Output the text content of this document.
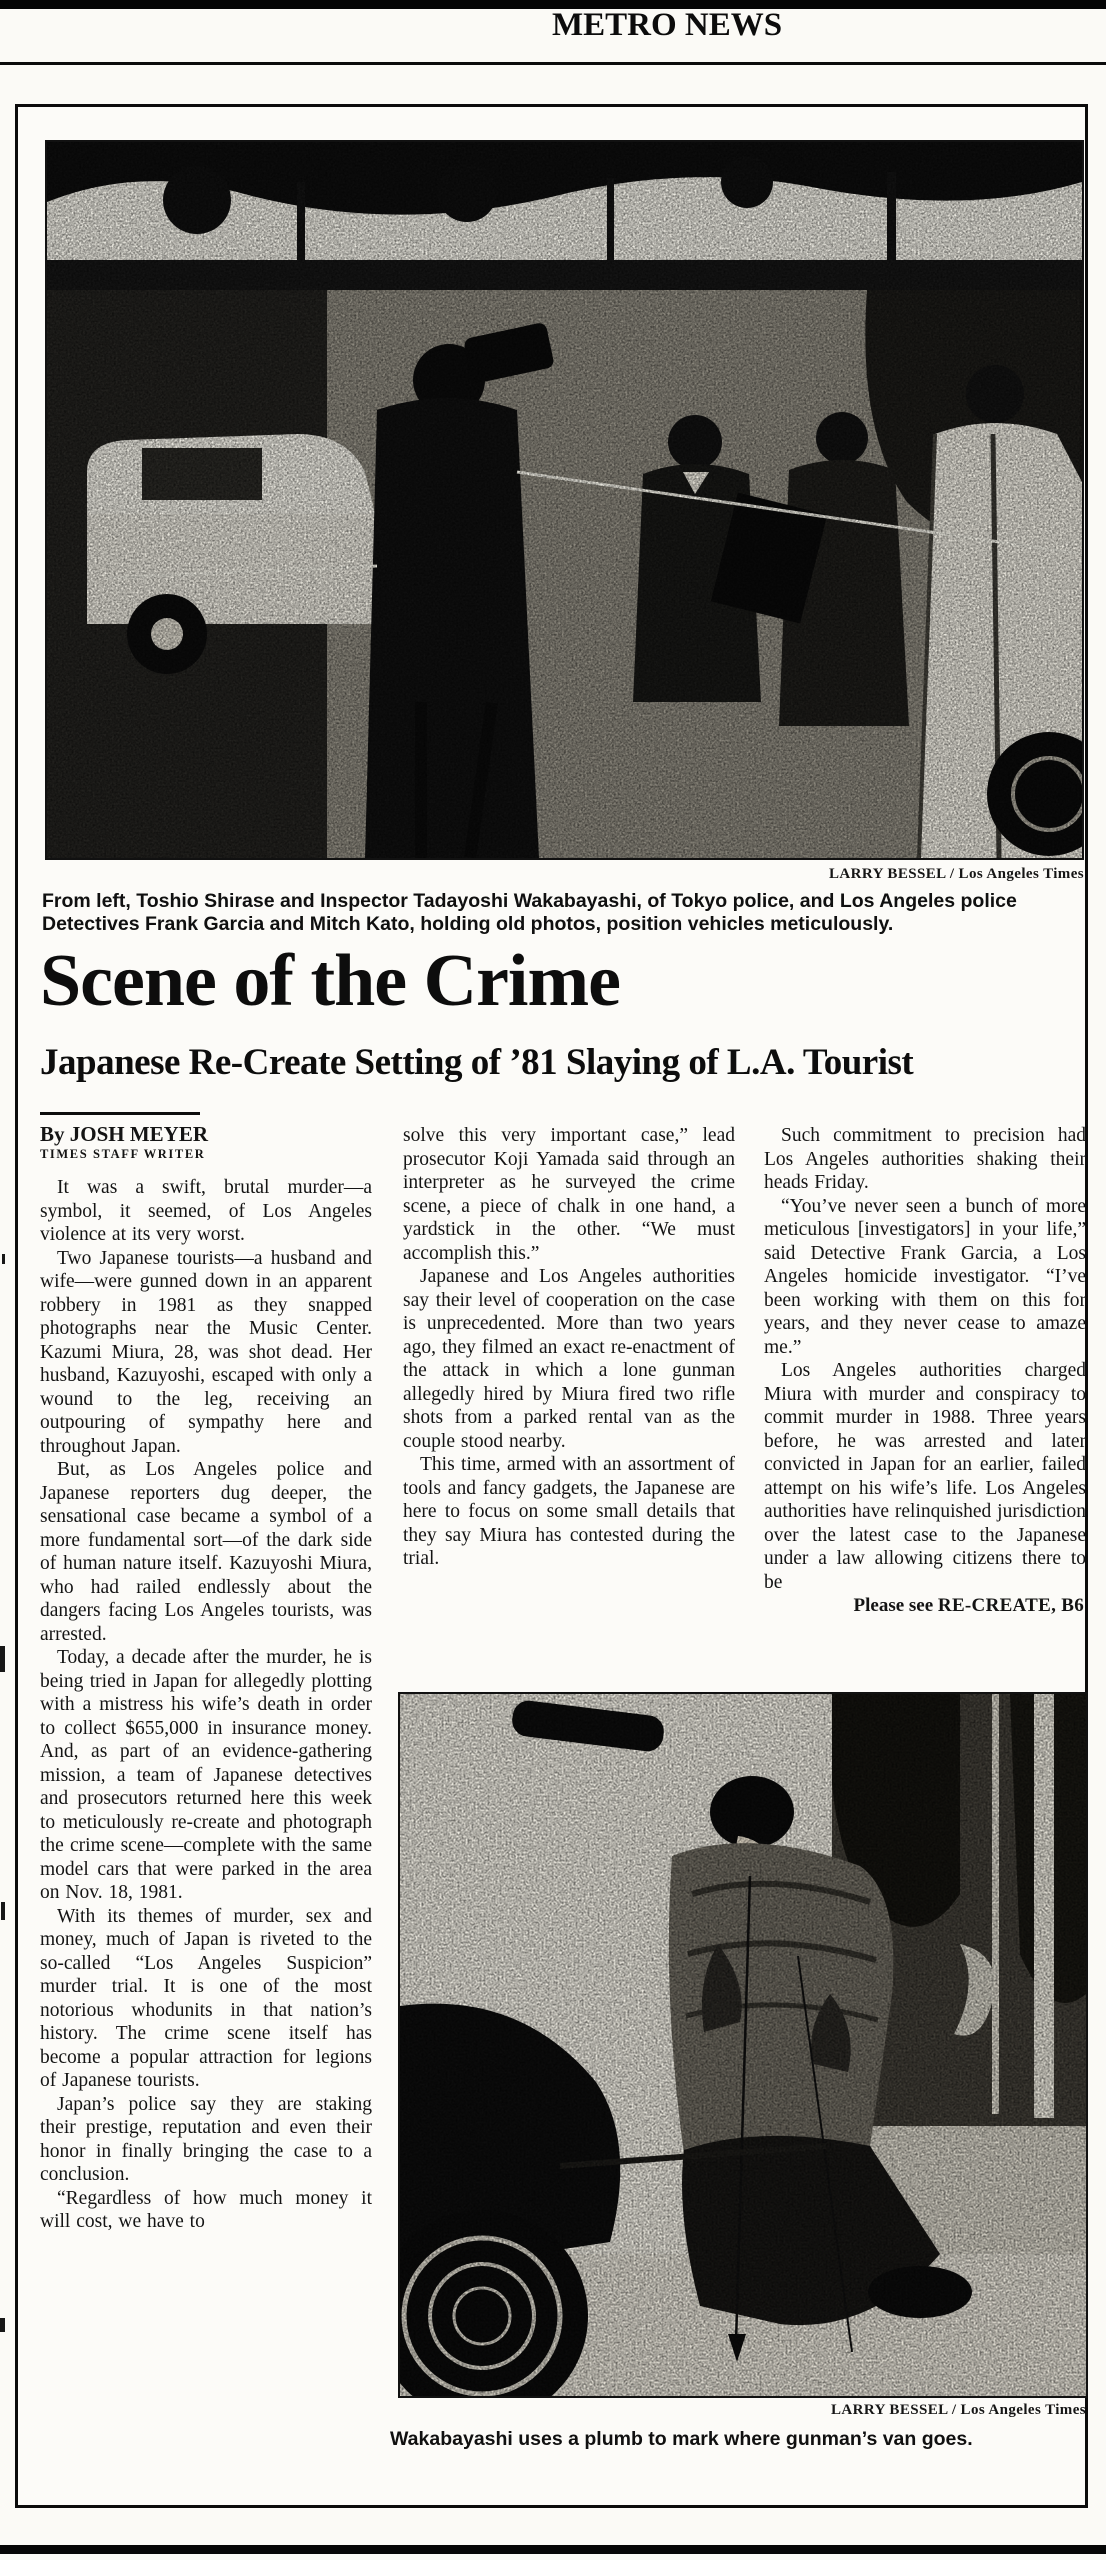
METRO NEWS
LARRY BESSEL / Los Angeles Times
From left, Toshio Shirase and Inspector Tadayoshi Wakabayashi, of Tokyo police, and Los Angeles police Detectives Frank Garcia and Mitch Kato, holding old photos, position vehicles meticulously.
Scene of the Crime
Japanese Re-Create Setting of ’81 Slaying of L.A. Tourist
By JOSH MEYER
TIMES STAFF WRITER

It was a swift, brutal murder—a symbol, it seemed, of Los Angeles violence at its very worst.

Two Japanese tourists—a husband and wife—were gunned down in an apparent robbery in 1981 as they snapped photographs near the Music Center. Kazumi Miura, 28, was shot dead. Her husband, Kazuyoshi, escaped with only a wound to the leg, receiving an outpouring of sympathy here and throughout Japan.

But, as Los Angeles police and Japanese reporters dug deeper, the sensational case became a symbol of a more fundamental sort—of the dark side of human nature itself. Kazuyoshi Miura, who had railed endlessly about the dangers facing Los Angeles tourists, was arrested.

Today, a decade after the murder, he is being tried in Japan for allegedly plotting with a mistress his wife’s death in order to collect $655,000 in insurance money. And, as part of an evidence-gathering mission, a team of Japanese detectives and prosecutors returned here this week to meticulously re-create and photograph the crime scene—complete with the same model cars that were parked in the area on Nov. 18, 1981.

With its themes of murder, sex and money, much of Japan is riveted to the so-called “Los Angeles Suspicion” murder trial. It is one of the most notorious whodunits in that nation’s history. The crime scene itself has become a popular attraction for legions of Japanese tourists.

Japan’s police say they are staking their prestige, reputation and even their honor in finally bringing the case to a conclusion.

“Regardless of how much money it will cost, we have to

solve this very important case,” lead prosecutor Koji Yamada said through an interpreter as he surveyed the crime scene, a piece of chalk in one hand, a yardstick in the other. “We must accomplish this.”

Japanese and Los Angeles authorities say their level of cooperation on the case is unprecedented. More than two years ago, they filmed an exact re-enactment of the attack in which a lone gunman allegedly hired by Miura fired two rifle shots from a parked rental van as the couple stood nearby.

This time, armed with an assortment of tools and fancy gadgets, the Japanese are here to focus on some small details that they say Miura has contested during the trial.

Such commitment to precision had Los Angeles authorities shaking their heads Friday.

“You’ve never seen a bunch of more meticulous [investigators] in your life,” said Detective Frank Garcia, a Los Angeles homicide investigator. “I’ve been working with them on this for years, and they never cease to amaze me.”

Los Angeles authorities charged Miura with murder and conspiracy to commit murder in 1988. Three years before, he was arrested and later convicted in Japan for an earlier, failed attempt on his wife’s life. Los Angeles authorities have relinquished jurisdiction over the latest case to the Japanese under a law allowing citizens there to be

Please see RE-CREATE, B6

LARRY BESSEL / Los Angeles Times
Wakabayashi uses a plumb to mark where gunman’s van goes.
